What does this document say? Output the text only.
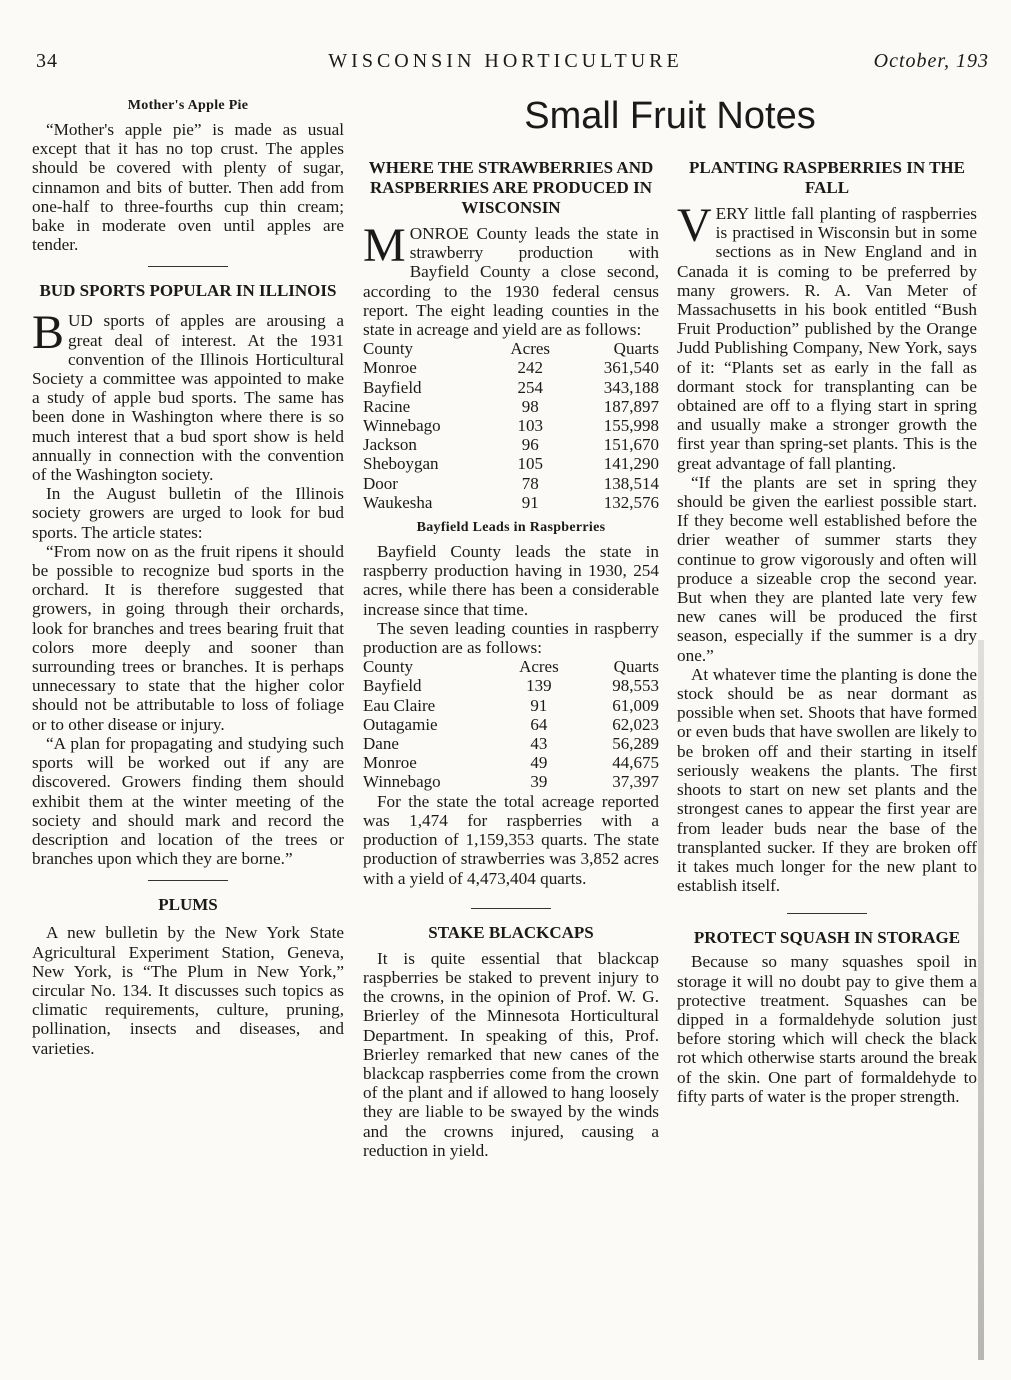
34	WISCONSIN HORTICULTURE	October, 193
Small Fruit Notes
Mother's Apple Pie

“Mother's apple pie” is made as usual except that it has no top crust. The apples should be covered with plenty of sugar, cinnamon and bits of butter. Then add from one-half to three-fourths cup thin cream; bake in moderate oven until apples are tender.

BUD SPORTS POPULAR IN ILLINOIS

BUD sports of apples are arousing a great deal of interest. At the 1931 convention of the Illinois Horticultural Society a committee was appointed to make a study of apple bud sports. The same has been done in Washington where there is so much interest that a bud sport show is held annually in connection with the convention of the Washington society.

In the August bulletin of the Illinois society growers are urged to look for bud sports. The article states:

“From now on as the fruit ripens it should be possible to recognize bud sports in the orchard. It is therefore suggested that growers, in going through their orchards, look for branches and trees bearing fruit that colors more deeply and sooner than surrounding trees or branches. It is perhaps unnecessary to state that the higher color should not be attributable to loss of foliage or to other disease or injury.

“A plan for propagating and studying such sports will be worked out if any are discovered. Growers finding them should exhibit them at the winter meeting of the society and should mark and record the description and location of the trees or branches upon which they are borne.”

PLUMS

A new bulletin by the New York State Agricultural Experiment Station, Geneva, New York, is “The Plum in New York,” circular No. 134. It discusses such topics as climatic requirements, culture, pruning, pollination, insects and diseases, and varieties.

WHERE THE STRAWBERRIES AND RASPBERRIES ARE PRODUCED IN WISCONSIN

MONROE County leads the state in strawberry production with Bayfield County a close second, according to the 1930 federal census report. The eight leading counties in the state in acreage and yield are as follows:

County	Acres	Quarts
Monroe	242	361,540
Bayfield	254	343,188
Racine	98	187,897
Winnebago	103	155,998
Jackson	96	151,670
Sheboygan	105	141,290
Door	78	138,514
Waukesha	91	132,576
Bayfield Leads in Raspberries

Bayfield County leads the state in raspberry production having in 1930, 254 acres, while there has been a considerable increase since that time.

The seven leading counties in raspberry production are as follows:

County	Acres	Quarts
Bayfield	139	98,553
Eau Claire	91	61,009
Outagamie	64	62,023
Dane	43	56,289
Monroe	49	44,675
Winnebago	39	37,397

For the state the total acreage reported was 1,474 for raspberries with a production of 1,159,353 quarts. The state production of strawberries was 3,852 acres with a yield of 4,473,404 quarts.

STAKE BLACKCAPS

It is quite essential that blackcap raspberries be staked to prevent injury to the crowns, in the opinion of Prof. W. G. Brierley of the Minnesota Horticultural Department. In speaking of this, Prof. Brierley remarked that new canes of the blackcap raspberries come from the crown of the plant and if allowed to hang loosely they are liable to be swayed by the winds and the crowns injured, causing a reduction in yield.

PLANTING RASPBERRIES IN THE FALL

VERY little fall planting of raspberries is practised in Wisconsin but in some sections as in New England and in Canada it is coming to be preferred by many growers. R. A. Van Meter of Massachusetts in his book entitled “Bush Fruit Production” published by the Orange Judd Publishing Company, New York, says of it: “Plants set as early in the fall as dormant stock for transplanting can be obtained are off to a flying start in spring and usually make a stronger growth the first year than spring-set plants. This is the great advantage of fall planting.

“If the plants are set in spring they should be given the earliest possible start. If they become well established before the drier weather of summer starts they continue to grow vigorously and often will produce a sizeable crop the second year. But when they are planted late very few new canes will be produced the first season, especially if the summer is a dry one.”

At whatever time the planting is done the stock should be as near dormant as possible when set. Shoots that have formed or even buds that have swollen are likely to be broken off and their starting in itself seriously weakens the plants. The first shoots to start on new set plants and the strongest canes to appear the first year are from leader buds near the base of the transplanted sucker. If they are broken off it takes much longer for the new plant to establish itself.

PROTECT SQUASH IN STORAGE

Because so many squashes spoil in storage it will no doubt pay to give them a protective treatment. Squashes can be dipped in a formaldehyde solution just before storing which will check the black rot which otherwise starts around the break of the skin. One part of formaldehyde to fifty parts of water is the proper strength.
